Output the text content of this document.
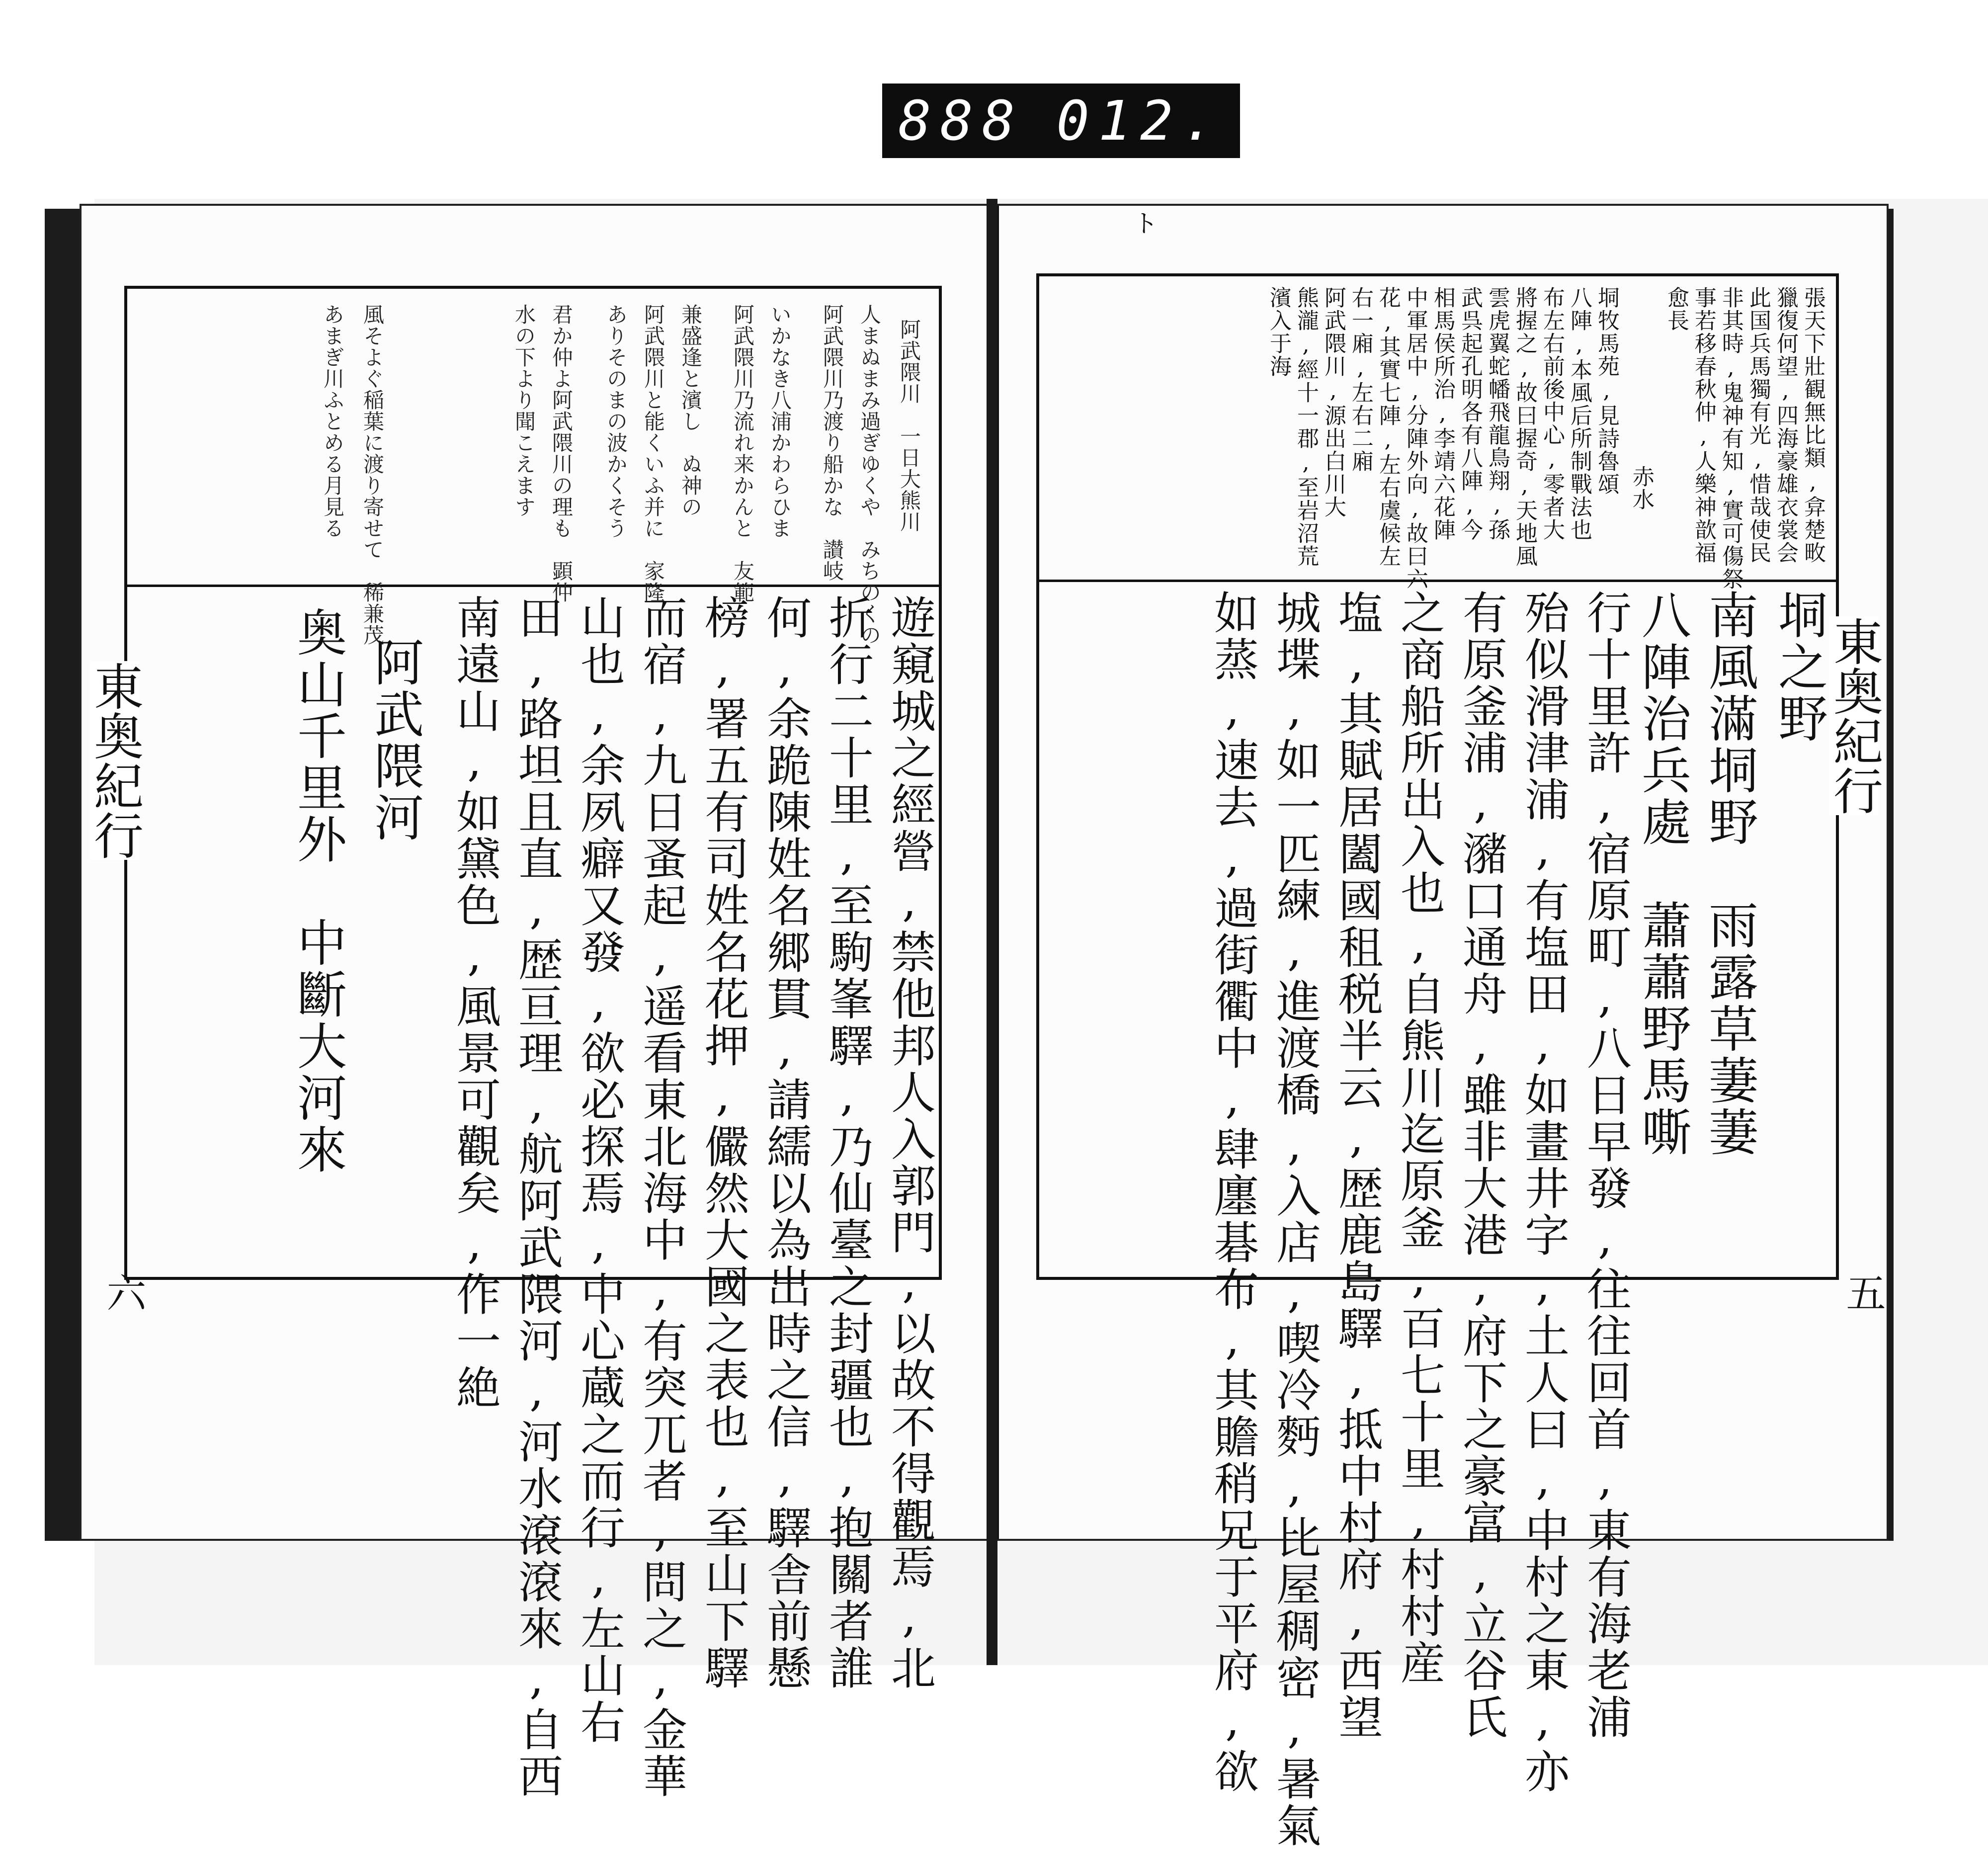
888 012.
ト
張天下壯観無比類,弇楚畋
獵復何望,四海豪雄衣裳会
此国兵馬獨有光,惜哉使民
非其時,鬼神有知,實可傷祭
事若移春秋仲,人樂神歆福
愈長
赤水
垌牧馬苑,見詩魯頌
八陣,本風后所制戰法也
布左右前後中心,零者大
將握之,故曰握奇,天地風
雲虎翼蛇幡飛龍鳥翔,孫
武呉起孔明各有八陣,今
相馬侯所治,李靖六花陣
中軍居中,分陣外向,故曰六
花,其實七陣,左右虞候左
右一廂,左右二廂
阿武隈川,源出白川大
熊瀧,經十一郡,至岩沼荒
濱入于海
垌之野
南風滿垌野　雨露草萋萋
八陣治兵處　蕭蕭野馬嘶
行十里許,宿原町,八日早發,往往回首,東有海老浦
殆似滑津浦,有塩田,如畫井字,土人曰,中村之東,亦
有原釜浦,瀦口通舟,雖非大港,府下之豪富,立谷氏
之商船所出入也,自熊川迄原釜,百七十里,村村産
塩,其賦居闔國租税半云,歴鹿島驛,抵中村府,西望
城堞,如一匹練,進渡橋,入店,喫冷麪,比屋稠密,暑氣
如蒸,速去,過街衢中,肆廛碁布,其贍稍兄于平府,欲
阿武隈川　一日大熊川
人まぬまみ過ぎゆくや　みちのくの
阿武隈川乃渡り船かな　讃岐
いかなき八浦かわらひま
阿武隈川乃流れ来かんと　友範
兼盛逢と濱し　ぬ神の
阿武隈川と能くいふ并に　家隆
ありそのまの波かくそう
君か仲よ阿武隈川の理も　顕仲
水の下より聞こえます
風そよぐ稲葉に渡り寄せて　稀兼茂
あまぎ川ふとめる月見る
遊窺城之經營,禁他邦人入郭門,以故不得觀焉,北
折行二十里,至駒峯驛,乃仙臺之封疆也,抱關者誰
何,余跪陳姓名郷貫,請繻以為出時之信,驛舎前懸
榜,署五有司姓名花押,儼然大國之表也,至山下驛
而宿,九日蚤起,遥看東北海中,有突兀者,問之,金華
山也,余夙癖又發,欲必探焉,中心蔵之而行,左山右
田,路坦且直,歴亘理,航阿武隈河,河水滾滾來,自西
南遠山,如黛色,風景可觀矣,作一絶
阿武隈河
奥山千里外　中斷大河來
東奥紀行	東奥紀行
六	五
